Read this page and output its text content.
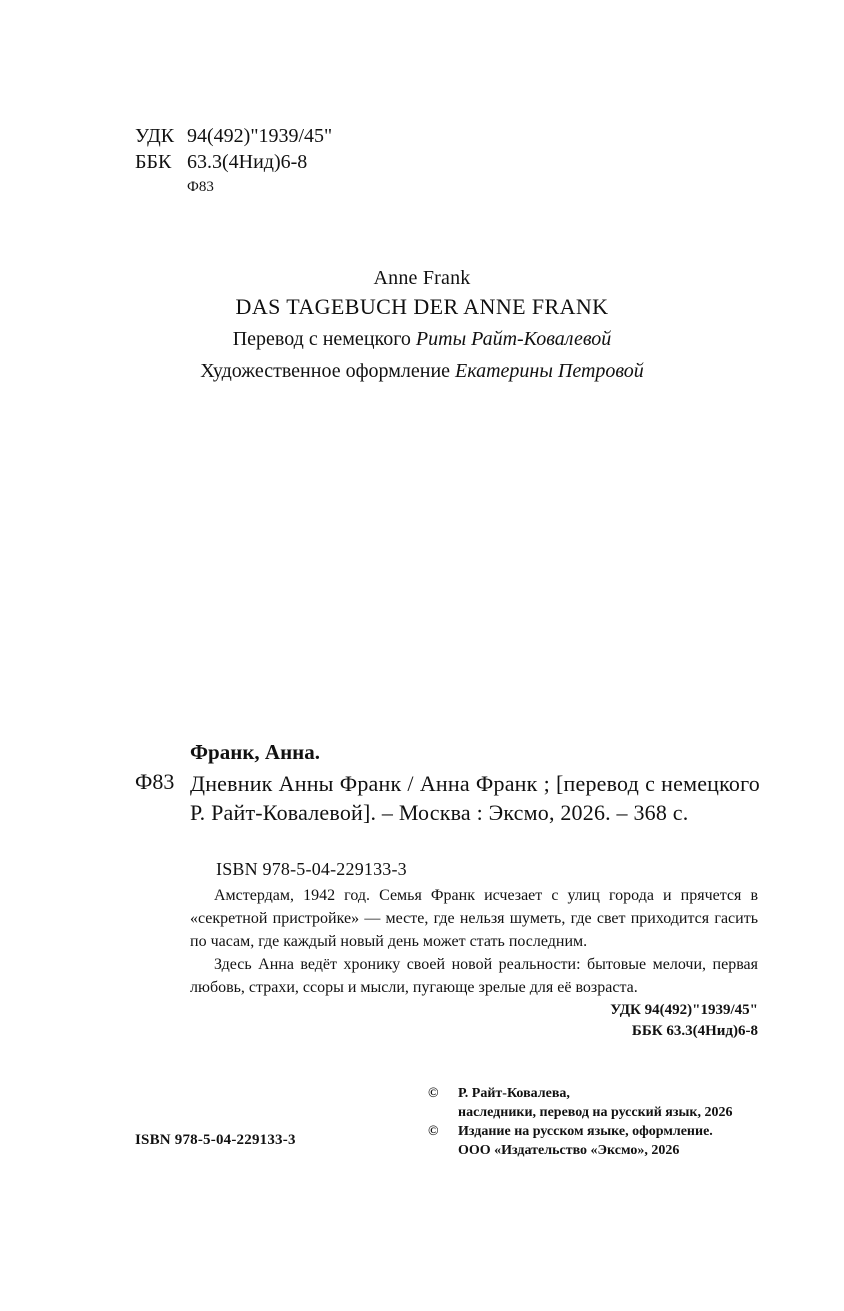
УДК 94(492)"1939/45"
ББК 63.3(4Нид)6-8
Ф83
Anne Frank
DAS TAGEBUCH DER ANNE FRANK
Перевод с немецкого Риты Райт-Ковалевой
Художественное оформление Екатерины Петровой
Франк, Анна.
Ф83 Дневник Анны Франк / Анна Франк ; [перевод с немецкого Р. Райт-Ковалевой]. – Москва : Эксмо, 2026. – 368 с.
ISBN 978-5-04-229133-3

Амстердам, 1942 год. Семья Франк исчезает с улиц города и прячется в «секретной пристройке» — месте, где нельзя шуметь, где свет приходится гасить по часам, где каждый новый день может стать последним.

Здесь Анна ведёт хронику своей новой реальности: бытовые мелочи, первая любовь, страхи, ссоры и мысли, пугающе зрелые для её возраста.

УДК 94(492)"1939/45"
ББК 63.3(4Нид)6-8
©	Р. Райт-Ковалева,
наследники, перевод на русский язык, 2026
©	Издание на русском языке, оформление.
ООО «Издательство «Эксмо», 2026
ISBN 978-5-04-229133-3
